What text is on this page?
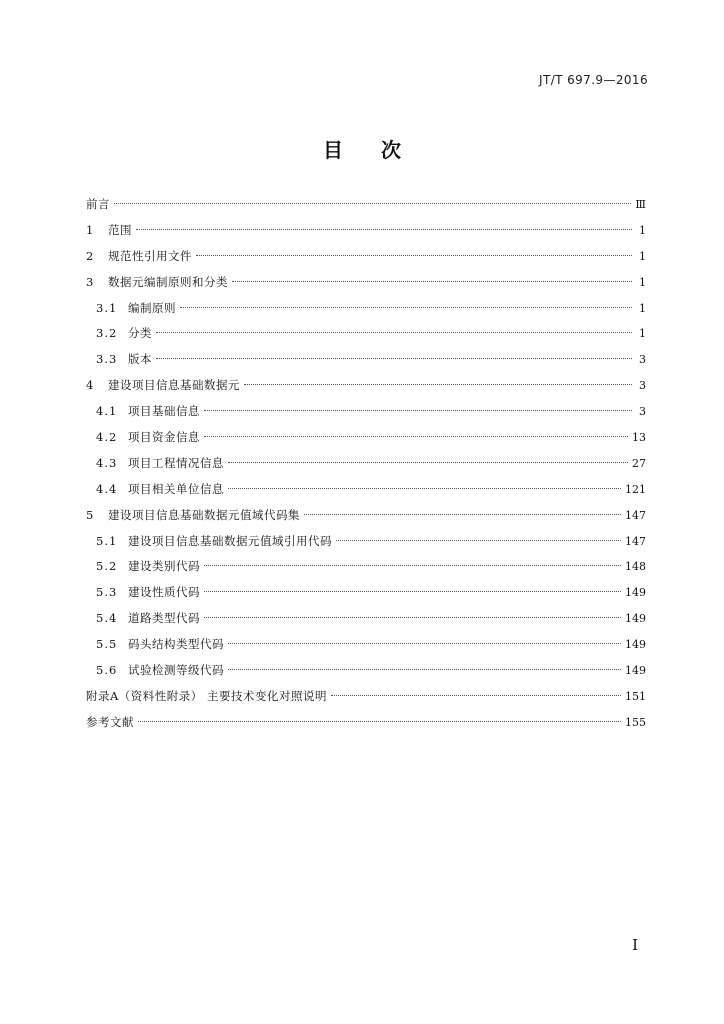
JT/T 697.9—2016
目 次
前言	Ⅲ
1	范围	1
2	规范性引用文件	1
3	数据元编制原则和分类	1
3.1 编制原则	1
3.2 分类	1
3.3 版本	3
4	建设项目信息基础数据元	3
4.1 项目基础信息	3
4.2 项目资金信息	13
4.3 项目工程情况信息	27
4.4 项目相关单位信息	121
5	建设项目信息基础数据元值域代码集	147
5.1 建设项目信息基础数据元值域引用代码	147
5.2 建设类别代码	148
5.3 建设性质代码	149
5.4 道路类型代码	149
5.5 码头结构类型代码	149
5.6 试验检测等级代码	149
附录A（资料性附录） 主要技术变化对照说明	151
参考文献	155
I
